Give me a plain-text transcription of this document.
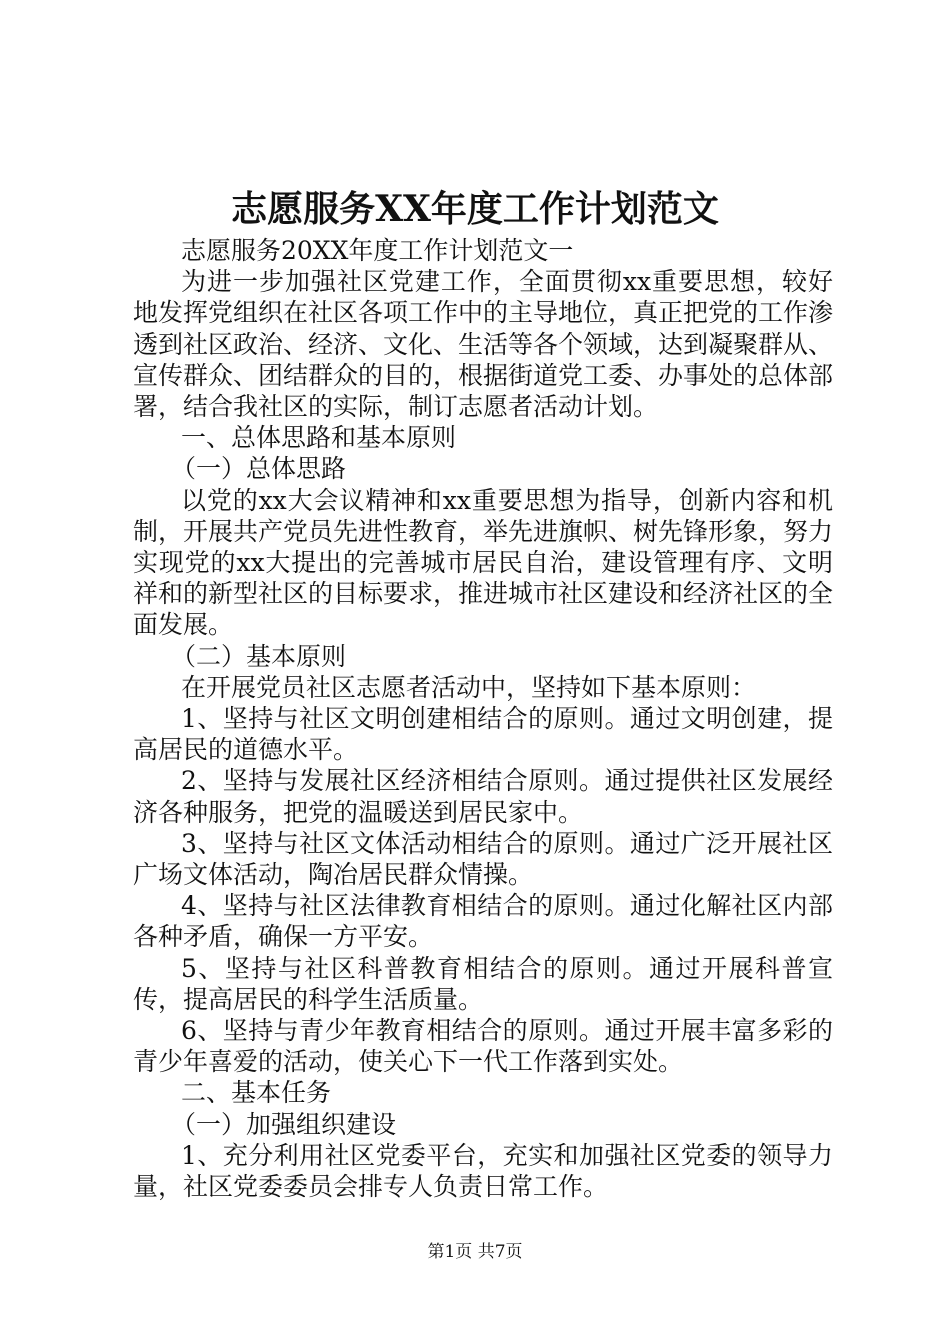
志愿服务XX年度工作计划范文

志愿服务20XX年度工作计划范文一

为进一步加强社区党建工作，全面贯彻xx重要思想，较好地发挥党组织在社区各项工作中的主导地位，真正把党的工作渗透到社区政治、经济、文化、生活等各个领域，达到凝聚群从、宣传群众、团结群众的目的，根据街道党工委、办事处的总体部署，结合我社区的实际，制订志愿者活动计划。

一、总体思路和基本原则

（一）总体思路

以党的xx大会议精神和xx重要思想为指导，创新内容和机制，开展共产党员先进性教育，举先进旗帜、树先锋形象，努力实现党的xx大提出的完善城市居民自治，建设管理有序、文明祥和的新型社区的目标要求，推进城市社区建设和经济社区的全面发展。

（二）基本原则

在开展党员社区志愿者活动中，坚持如下基本原则：

1、坚持与社区文明创建相结合的原则。通过文明创建，提高居民的道德水平。

2、坚持与发展社区经济相结合原则。通过提供社区发展经济各种服务，把党的温暖送到居民家中。

3、坚持与社区文体活动相结合的原则。通过广泛开展社区广场文体活动，陶冶居民群众情操。

4、坚持与社区法律教育相结合的原则。通过化解社区内部各种矛盾，确保一方平安。

5、坚持与社区科普教育相结合的原则。通过开展科普宣传，提高居民的科学生活质量。

6、坚持与青少年教育相结合的原则。通过开展丰富多彩的青少年喜爱的活动，使关心下一代工作落到实处。

二、基本任务

（一）加强组织建设

1、充分利用社区党委平台，充实和加强社区党委的领导力量，社区党委委员会排专人负责日常工作。

第1页 共7页
